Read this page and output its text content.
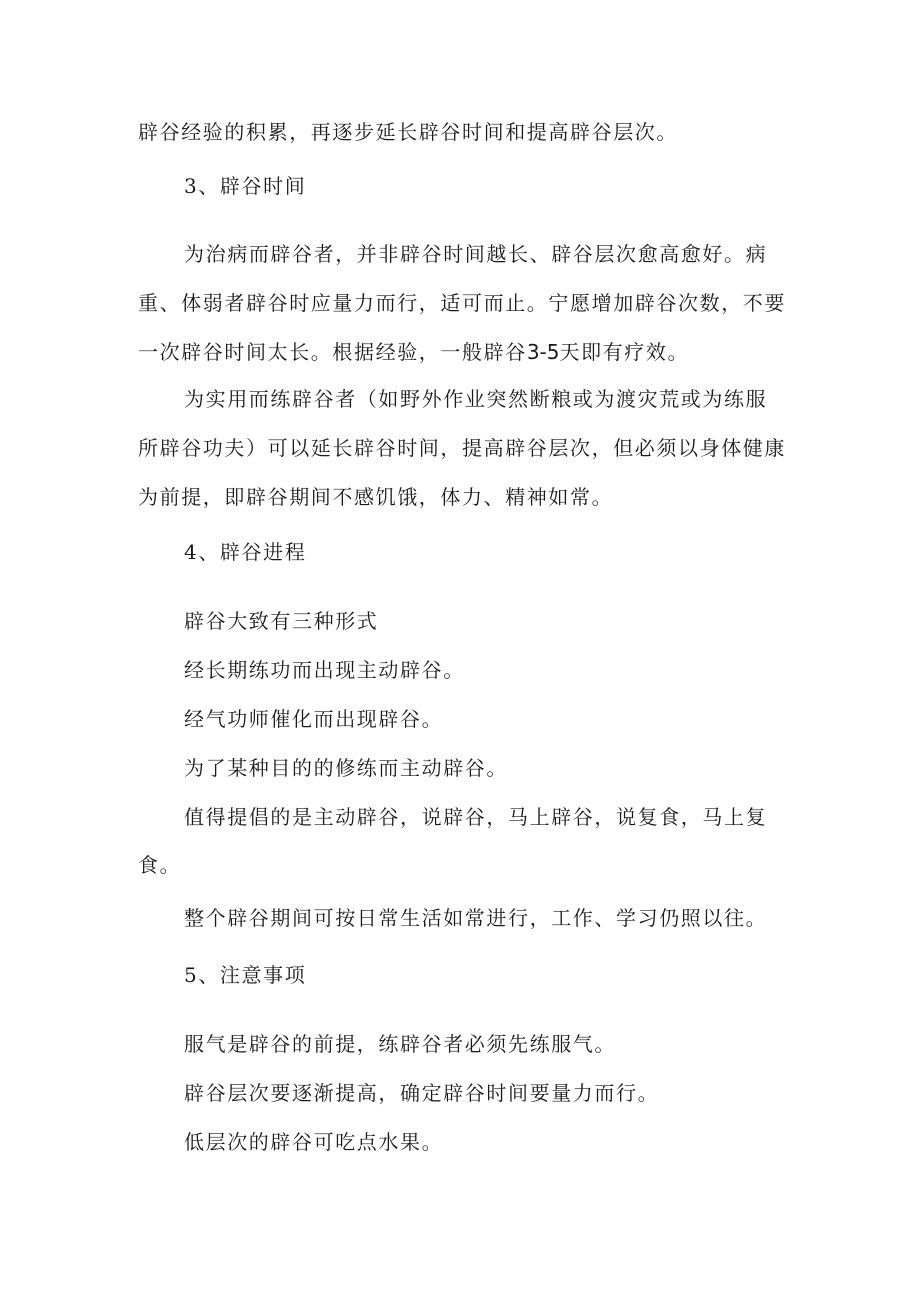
辟谷经验的积累，再逐步延长辟谷时间和提高辟谷层次。
3、辟谷时间
为治病而辟谷者，并非辟谷时间越长、辟谷层次愈高愈好。病
重、体弱者辟谷时应量力而行，适可而止。宁愿增加辟谷次数，不要
一次辟谷时间太长。根据经验，一般辟谷3-5天即有疗效。
为实用而练辟谷者（如野外作业突然断粮或为渡灾荒或为练服
所辟谷功夫）可以延长辟谷时间，提高辟谷层次，但必须以身体健康
为前提，即辟谷期间不感饥饿，体力、精神如常。
4、辟谷进程
辟谷大致有三种形式
经长期练功而出现主动辟谷。
经气功师催化而出现辟谷。
为了某种目的的修练而主动辟谷。
值得提倡的是主动辟谷，说辟谷，马上辟谷，说复食，马上复
食。
整个辟谷期间可按日常生活如常进行，工作、学习仍照以往。
5、注意事项
服气是辟谷的前提，练辟谷者必须先练服气。
辟谷层次要逐渐提高，确定辟谷时间要量力而行。
低层次的辟谷可吃点水果。
